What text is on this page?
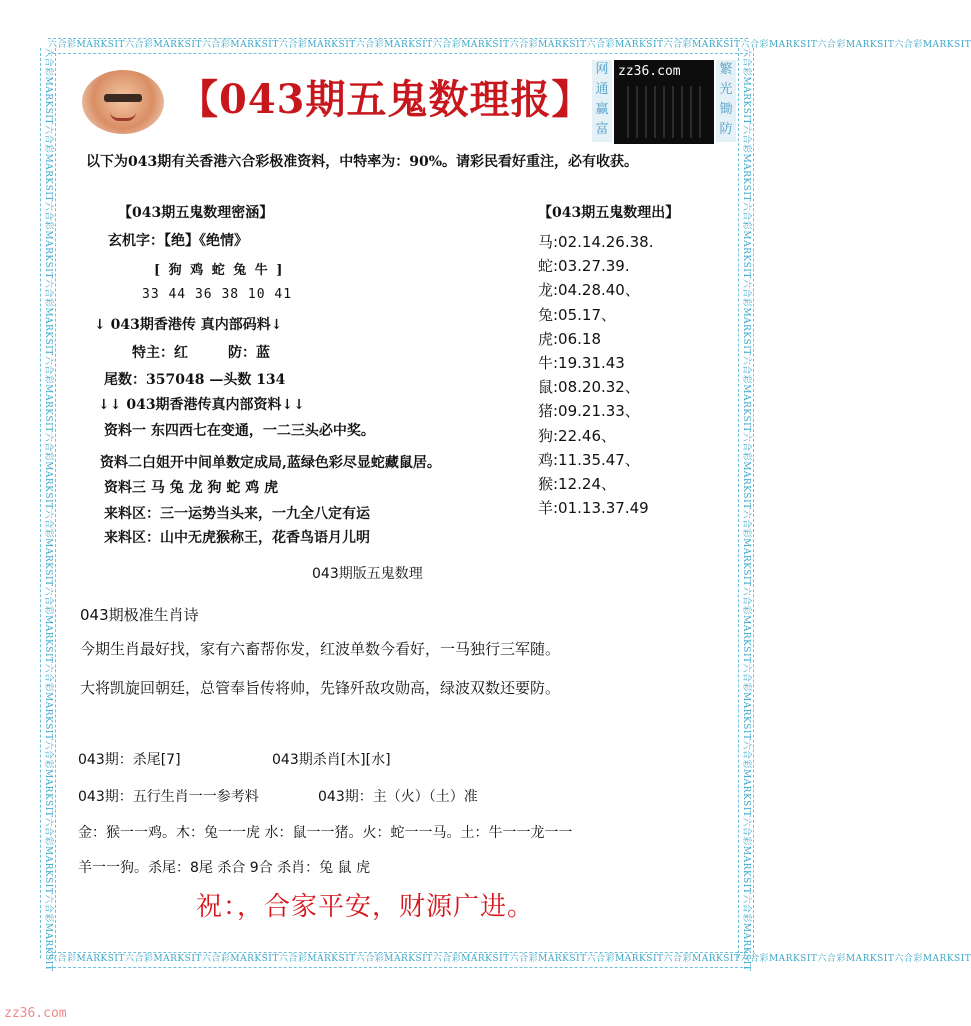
六合彩MARKSIT六合彩MARKSIT六合彩MARKSIT六合彩MARKSIT六合彩MARKSIT六合彩MARKSIT六合彩MARKSIT六合彩MARKSIT六合彩MARKSIT六合彩MARKSIT六合彩MARKSIT六合彩MARKSIT
六合彩MARKSIT六合彩MARKSIT六合彩MARKSIT六合彩MARKSIT六合彩MARKSIT六合彩MARKSIT六合彩MARKSIT六合彩MARKSIT六合彩MARKSIT六合彩MARKSIT六合彩MARKSIT六合彩MARKSIT
六合彩MARKSIT六合彩MARKSIT六合彩MARKSIT六合彩MARKSIT六合彩MARKSIT六合彩MARKSIT六合彩MARKSIT六合彩MARKSIT六合彩MARKSIT六合彩MARKSIT六合彩MARKSIT六合彩MARKSIT	六合彩MARKSIT六合彩MARKSIT六合彩MARKSIT六合彩MARKSIT六合彩MARKSIT六合彩MARKSIT六合彩MARKSIT六合彩MARKSIT六合彩MARKSIT六合彩MARKSIT六合彩MARKSIT六合彩MARKSIT
【043期五鬼数理报】
网
通
赢
富
zz36.com	繁
光
锄
防
以下为043期有关香港六合彩极准资料，中特率为：90%。请彩民看好重注，必有收获。
【043期五鬼数理密涵】
玄机字：【绝】《绝情》
[ 狗 鸡 蛇 兔 牛 ]
33 44 36 38 10 41
↓ 043期香港传 真内部码料↓
特主：红	防：蓝
尾数：357048 —头数 134
↓↓ 043期香港传真内部资料↓↓
资料一 东四西七在变通，一二三头必中奖。
资料二白姐开中间单数定成局,蓝绿色彩尽显蛇藏鼠居。
资料三 马 兔 龙 狗 蛇 鸡 虎
来料区：三一运势当头来，一九全八定有运
来料区：山中无虎猴称王，花香鸟语月儿明
【043期五鬼数理出】
马:02.14.26.38.
蛇:03.27.39.
龙:04.28.40、
兔:05.17、
虎:06.18
牛:19.31.43
鼠:08.20.32、
猪:09.21.33、
狗:22.46、
鸡:11.35.47、
猴:12.24、
羊:01.13.37.49
043期版五鬼数理
043期极准生肖诗
今期生肖最好找，家有六畜帮你发，红波单数今看好，一马独行三军随。
大将凯旋回朝廷，总管奉旨传将帅，先锋歼敌攻勋高，绿波双数还要防。
043期：杀尾[7]	043期杀肖[木][水]
043期：五行生肖一一参考料	043期：主（火）（土）准
金：猴一一鸡。木：兔一一虎 水：鼠一一猪。火：蛇一一马。土：牛一一龙一一
羊一一狗。杀尾：8尾 杀合 9合 杀肖：兔 鼠 虎
祝：，合家平安，财源广进。
zz36.com
